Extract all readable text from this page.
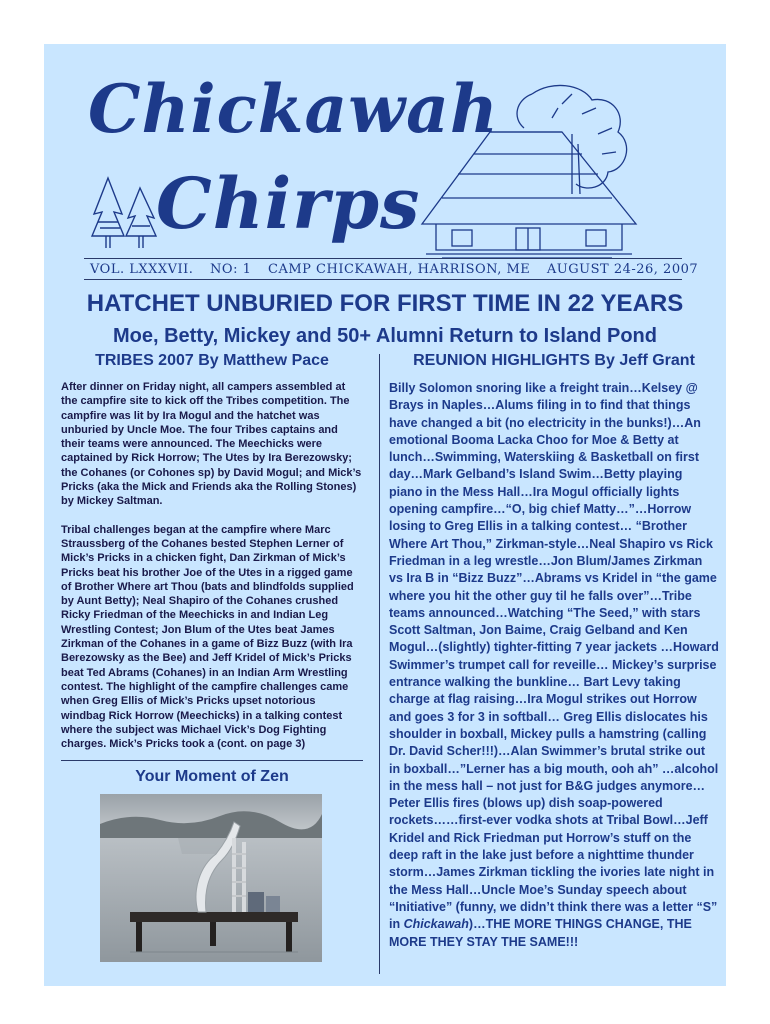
Chickawah
Chirps
VOL. LXXXVII. NO: 1 CAMP CHICKAWAH, HARRISON, ME AUGUST 24-26, 2007
HATCHET UNBURIED FOR FIRST TIME IN 22 YEARS
Moe, Betty, Mickey and 50+ Alumni Return to Island Pond
TRIBES 2007 By Matthew Pace

After dinner on Friday night, all campers assembled at the campfire site to kick off the Tribes competition. The campfire was lit by Ira Mogul and the hatchet was unburied by Uncle Moe. The four Tribes captains and their teams were announced. The Meechicks were captained by Rick Horrow; The Utes by Ira Berezowsky; the Cohanes (or Cohones sp) by David Mogul; and Mick’s Pricks (aka the Mick and Friends aka the Rolling Stones) by Mickey Saltman.

Tribal challenges began at the campfire where Marc Straussberg of the Cohanes bested Stephen Lerner of Mick’s Pricks in a chicken fight, Dan Zirkman of Mick’s Pricks beat his brother Joe of the Utes in a rigged game of Brother Where art Thou (bats and blindfolds supplied by Aunt Betty); Neal Shapiro of the Cohanes crushed Ricky Friedman of the Meechicks in and Indian Leg Wrestling Contest; Jon Blum of the Utes beat James Zirkman of the Cohanes in a game of Bizz Buzz (with Ira Berezowsky as the Bee) and Jeff Kridel of Mick’s Pricks beat Ted Abrams (Cohanes) in an Indian Arm Wrestling contest. The highlight of the campfire challenges came when Greg Ellis of Mick’s Pricks upset notorious windbag Rick Horrow (Meechicks) in a talking contest where the subject was Michael Vick’s Dog Fighting charges. Mick’s Pricks took a (cont. on page 3)

Your Moment of Zen
REUNION HIGHLIGHTS By Jeff Grant

Billy Solomon snoring like a freight train…Kelsey @ Brays in Naples…Alums filing in to find that things have changed a bit (no electricity in the bunks!)…An emotional Booma Lacka Choo for Moe & Betty at lunch…Swimming, Waterskiing & Basketball on first day…Mark Gelband’s Island Swim…Betty playing piano in the Mess Hall…Ira Mogul officially lights opening campfire…“O, big chief Matty…”…Horrow losing to Greg Ellis in a talking contest… “Brother Where Art Thou,” Zirkman-style…Neal Shapiro vs Rick Friedman in a leg wrestle…Jon Blum/James Zirkman vs Ira B in “Bizz Buzz”…Abrams vs Kridel in “the game where you hit the other guy til he falls over”…Tribe teams announced…Watching “The Seed,” with stars Scott Saltman, Jon Baime, Craig Gelband and Ken Mogul…(slightly) tighter-fitting 7 year jackets …Howard Swimmer’s trumpet call for reveille… Mickey’s surprise entrance walking the bunkline… Bart Levy taking charge at flag raising…Ira Mogul strikes out Horrow and goes 3 for 3 in softball… Greg Ellis dislocates his shoulder in boxball, Mickey pulls a hamstring (calling Dr. David Scher!!!)…Alan Swimmer’s brutal strike out in boxball…”Lerner has a big mouth, ooh ah” …alcohol in the mess hall – not just for B&G judges anymore…Peter Ellis fires (blows up) dish soap-powered rockets……first-ever vodka shots at Tribal Bowl…Jeff Kridel and Rick Friedman put Horrow’s stuff on the deep raft in the lake just before a nighttime thunder storm…James Zirkman tickling the ivories late night in the Mess Hall…Uncle Moe’s Sunday speech about “Initiative” (funny, we didn’t think there was a letter “S” in Chickawah)…THE MORE THINGS CHANGE, THE MORE THEY STAY THE SAME!!!
